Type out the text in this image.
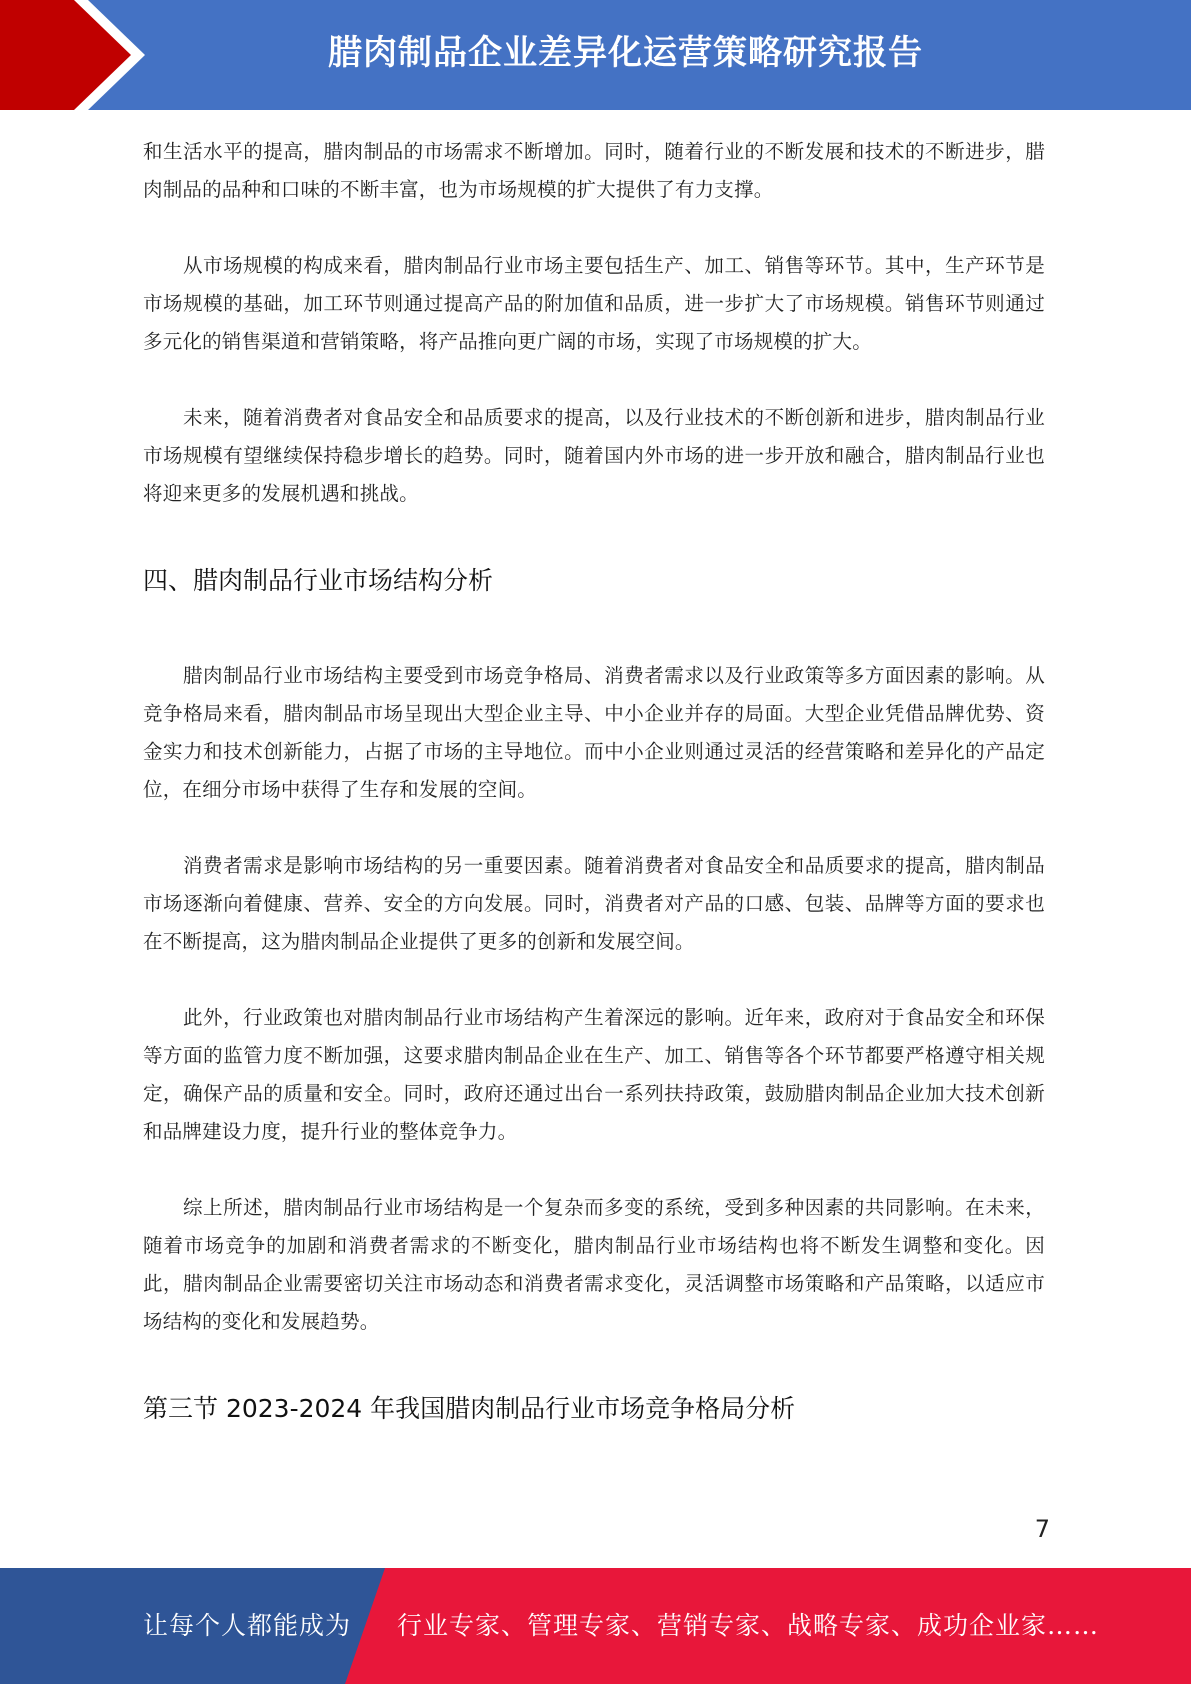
腊肉制品企业差异化运营策略研究报告

和生活水平的提高，腊肉制品的市场需求不断增加。同时，随着行业的不断发展和技术的不断进步，腊肉制品的品种和口味的不断丰富，也为市场规模的扩大提供了有力支撑。

从市场规模的构成来看，腊肉制品行业市场主要包括生产、加工、销售等环节。其中，生产环节是市场规模的基础，加工环节则通过提高产品的附加值和品质，进一步扩大了市场规模。销售环节则通过多元化的销售渠道和营销策略，将产品推向更广阔的市场，实现了市场规模的扩大。

未来，随着消费者对食品安全和品质要求的提高，以及行业技术的不断创新和进步，腊肉制品行业市场规模有望继续保持稳步增长的趋势。同时，随着国内外市场的进一步开放和融合，腊肉制品行业也将迎来更多的发展机遇和挑战。

四、腊肉制品行业市场结构分析

腊肉制品行业市场结构主要受到市场竞争格局、消费者需求以及行业政策等多方面因素的影响。从竞争格局来看，腊肉制品市场呈现出大型企业主导、中小企业并存的局面。大型企业凭借品牌优势、资金实力和技术创新能力，占据了市场的主导地位。而中小企业则通过灵活的经营策略和差异化的产品定位，在细分市场中获得了生存和发展的空间。

消费者需求是影响市场结构的另一重要因素。随着消费者对食品安全和品质要求的提高，腊肉制品市场逐渐向着健康、营养、安全的方向发展。同时，消费者对产品的口感、包装、品牌等方面的要求也在不断提高，这为腊肉制品企业提供了更多的创新和发展空间。

此外，行业政策也对腊肉制品行业市场结构产生着深远的影响。近年来，政府对于食品安全和环保等方面的监管力度不断加强，这要求腊肉制品企业在生产、加工、销售等各个环节都要严格遵守相关规定，确保产品的质量和安全。同时，政府还通过出台一系列扶持政策，鼓励腊肉制品企业加大技术创新和品牌建设力度，提升行业的整体竞争力。

综上所述，腊肉制品行业市场结构是一个复杂而多变的系统，受到多种因素的共同影响。在未来，随着市场竞争的加剧和消费者需求的不断变化，腊肉制品行业市场结构也将不断发生调整和变化。因此，腊肉制品企业需要密切关注市场动态和消费者需求变化，灵活调整市场策略和产品策略，以适应市场结构的变化和发展趋势。

第三节 2023-2024 年我国腊肉制品行业市场竞争格局分析
7
让每个人都能成为 行业专家、管理专家、营销专家、战略专家、成功企业家……
